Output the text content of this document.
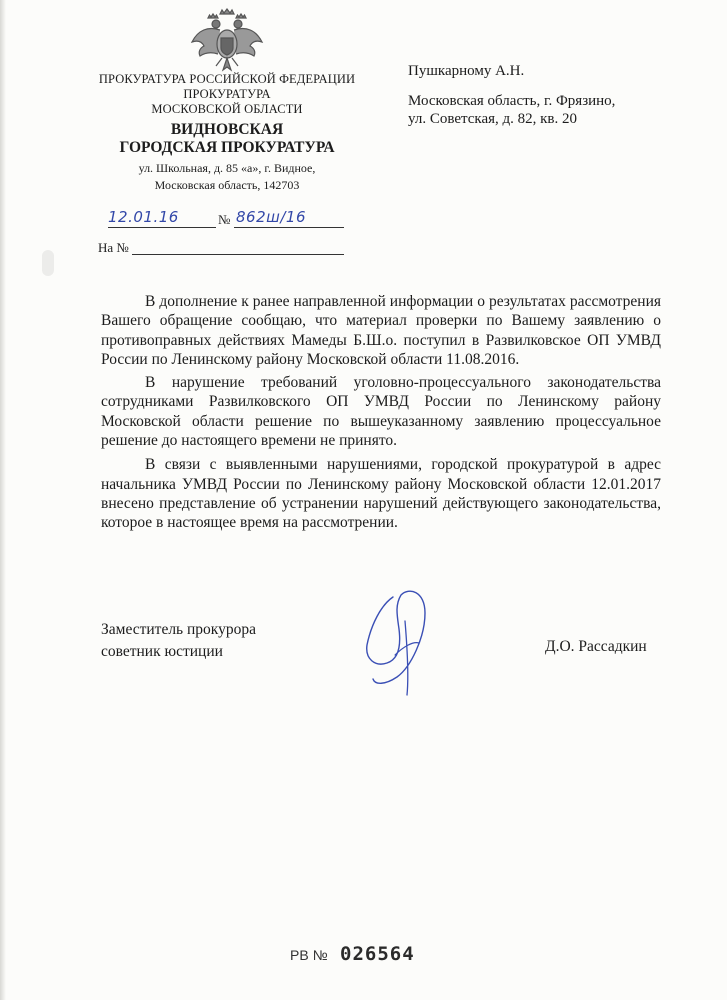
ПРОКУРАТУРА РОССИЙСКОЙ ФЕДЕРАЦИИ
ПРОКУРАТУРА
МОСКОВСКОЙ ОБЛАСТИ
ВИДНОВСКАЯ
ГОРОДСКАЯ ПРОКУРАТУРА
ул. Школьная, д. 85 «а», г. Видное,
Московская область, 142703
Пушкарному А.Н.
Московская область, г. Фрязино,
ул. Советская, д. 82, кв. 20
12.01.16	№ 862ш/16
На №

В дополнение к ранее направленной информации о результатах рассмотрения Вашего обращение сообщаю, что материал проверки по Вашему заявлению о противоправных действиях Мамеды Б.Ш.о. поступил в Развилковское ОП УМВД России по Ленинскому району Московской области 11.08.2016.

В нарушение требований уголовно-процессуального законодательства сотрудниками Развилковского ОП УМВД России по Ленинскому району Московской области решение по вышеуказанному заявлению процессуальное решение до настоящего времени не принято.

В связи с выявленными нарушениями, городской прокуратурой в адрес начальника УМВД России по Ленинскому району Московской области 12.01.2017 внесено представление об устранении нарушений действующего законодательства, которое в настоящее время на рассмотрении.

Заместитель прокурора
советник юстиции	Д.О. Рассадкин
РВ № 026564
